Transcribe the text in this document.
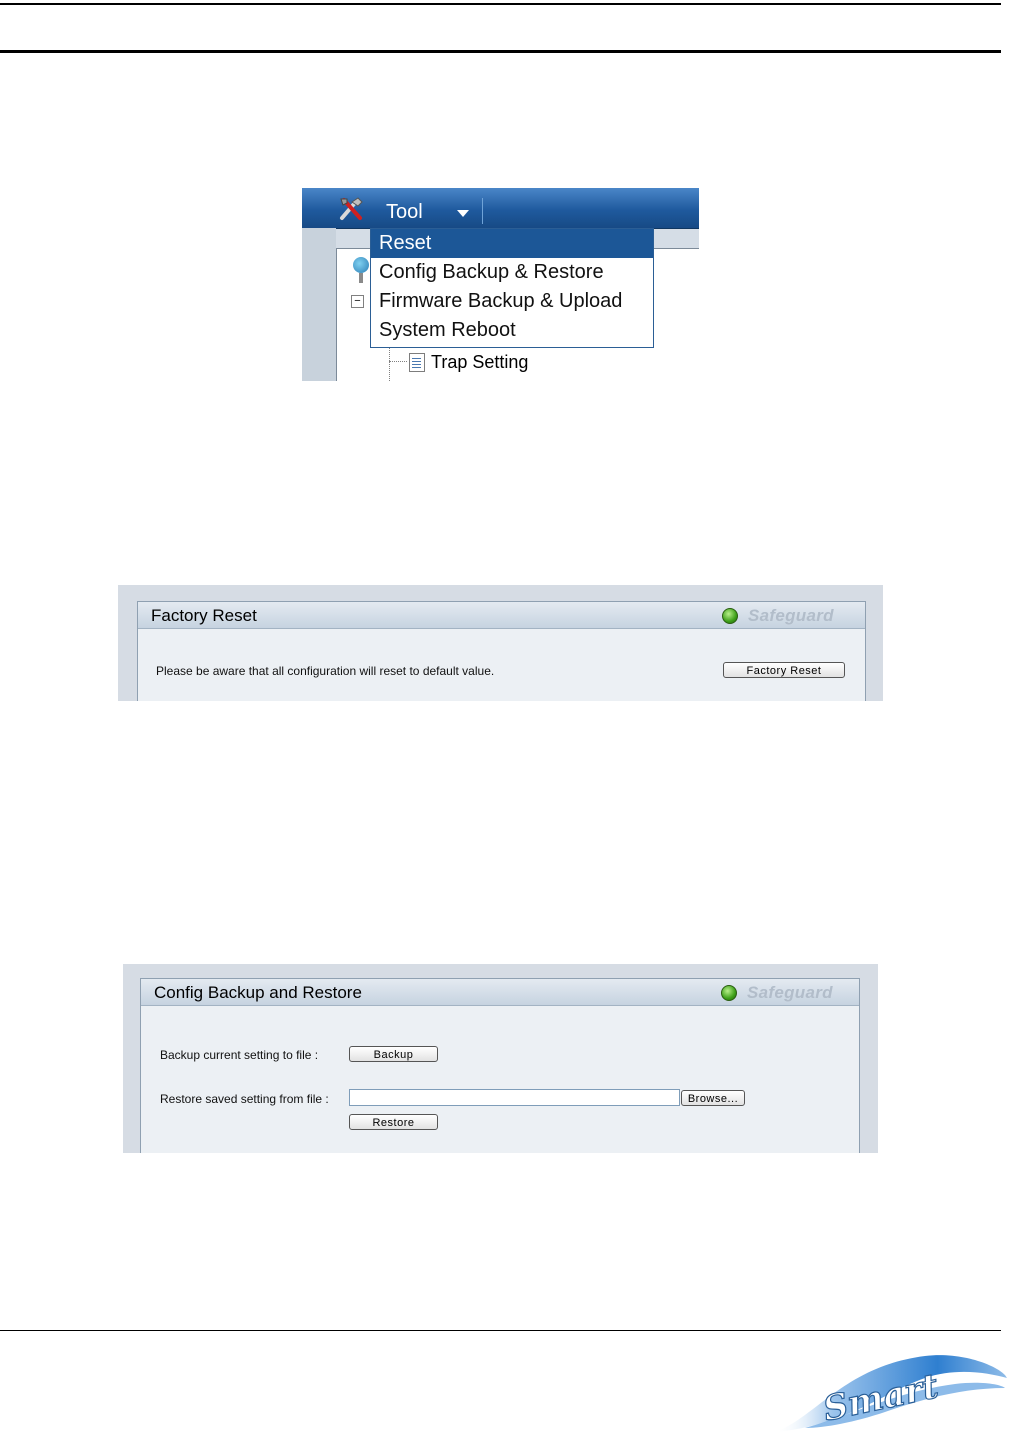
Tool
−
Trap Setting
Reset
Config Backup & Restore
Firmware Backup & Upload
System Reboot
Factory Reset	Safeguard
Please be aware that all configuration will reset to default value.	Factory Reset
Config Backup and Restore	Safeguard
Backup current setting to file :	Backup
Restore saved setting from file :	Browse...
Restore
Smart
